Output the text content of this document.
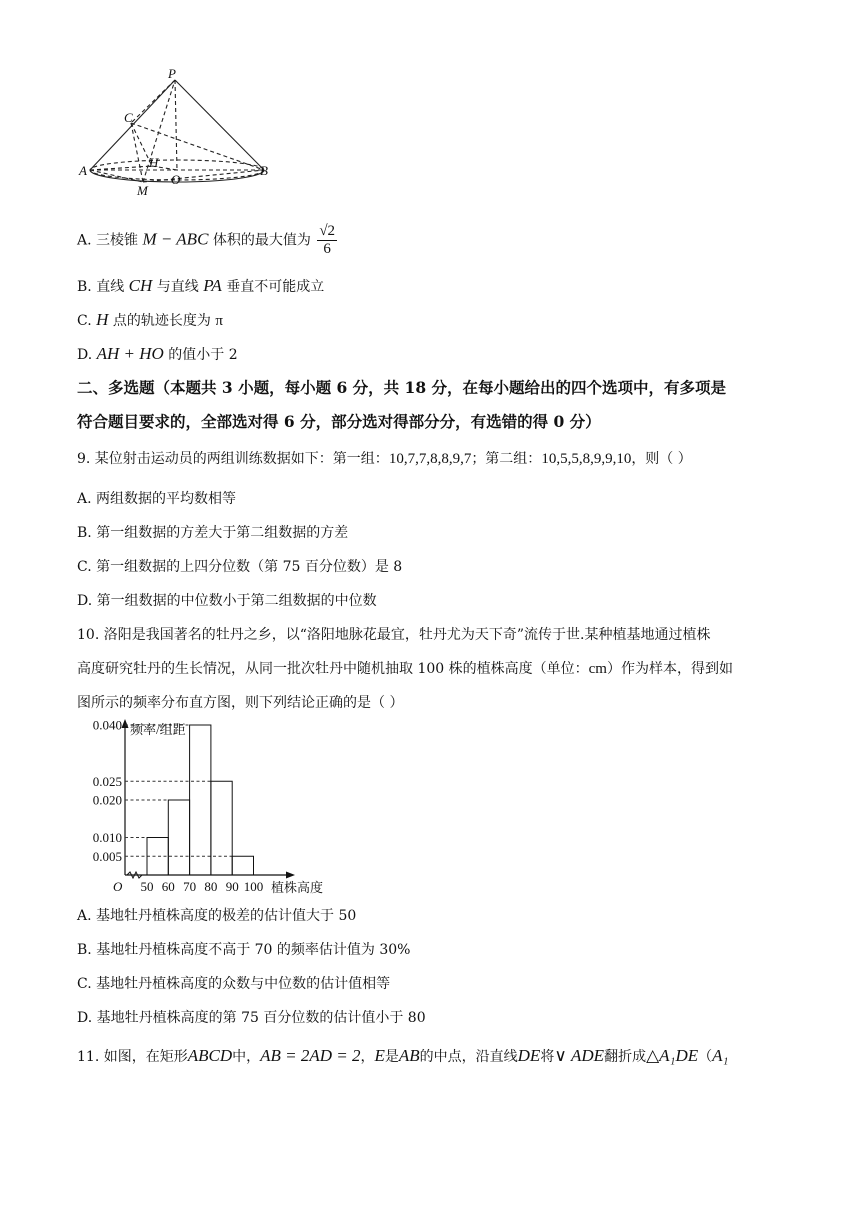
P
C
A
H
O
B
M
A. 三棱锥 M − ABC 体积的最大值为 $\frac{√2}{6}$
B. 直线 CH 与直线 PA 垂直不可能成立
C. H 点的轨迹长度为 π
D. AH + HO 的值小于 2
二、多选题（本题共 3 小题，每小题 6 分，共 18 分，在每小题给出的四个选项中，有多项是
符合题目要求的，全部选对得 6 分，部分选对得部分分，有选错的得 0 分）
9. 某位射击运动员的两组训练数据如下：第一组：10,7,7,8,8,9,7；第二组：10,5,5,8,9,9,10，则（ ）
A. 两组数据的平均数相等
B. 第一组数据的方差大于第二组数据的方差
C. 第一组数据的上四分位数（第 75 百分位数）是 8
D. 第一组数据的中位数小于第二组数据的中位数
10. 洛阳是我国著名的牡丹之乡，以“洛阳地脉花最宜，牡丹尤为天下奇”流传于世.某种植基地通过植株
高度研究牡丹的生长情况，从同一批次牡丹中随机抽取 100 株的植株高度（单位：cm）作为样本，得到如
图所示的频率分布直方图，则下列结论正确的是（ ）
0.040
0.025
0.020
0.010
0.005
50 60 70 80 90 100
O
频率/组距
植株高度
A. 基地牡丹植株高度的极差的估计值大于 50
B. 基地牡丹植株高度不高于 70 的频率估计值为 30%
C. 基地牡丹植株高度的众数与中位数的估计值相等
D. 基地牡丹植株高度的第 75 百分位数的估计值小于 80
11. 如图，在矩形ABCD中，AB = 2AD = 2，E是AB的中点，沿直线DE将∨ ADE翻折成△A₁DE（A₁
